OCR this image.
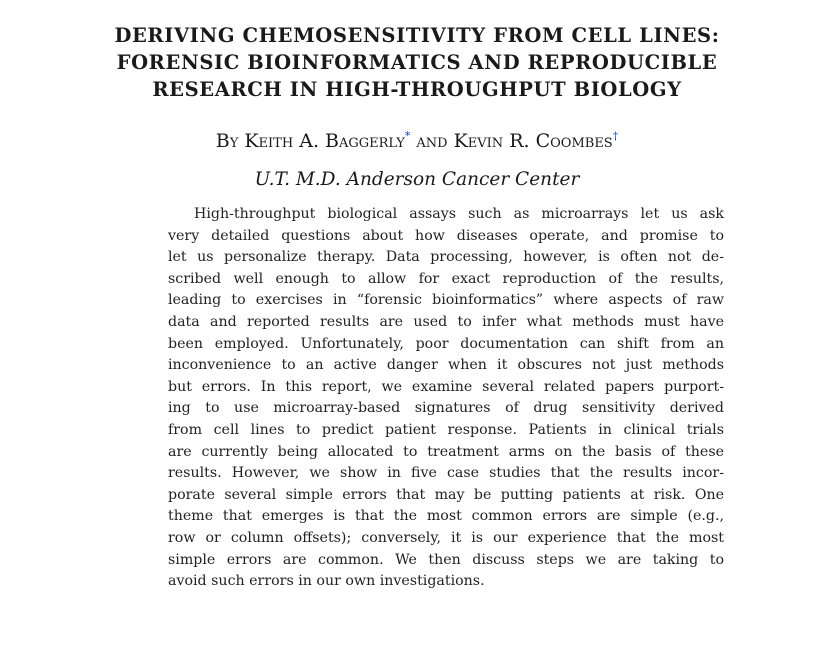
DERIVING CHEMOSENSITIVITY FROM CELL LINES:
FORENSIC BIOINFORMATICS AND REPRODUCIBLE
RESEARCH IN HIGH-THROUGHPUT BIOLOGY
By Keith A. Baggerly* and Kevin R. Coombes†
U.T. M.D. Anderson Cancer Center
High-throughput biological assays such as microarrays let us ask
very detailed questions about how diseases operate, and promise to
let us personalize therapy. Data processing, however, is often not de-
scribed well enough to allow for exact reproduction of the results,
leading to exercises in “forensic bioinformatics” where aspects of raw
data and reported results are used to infer what methods must have
been employed. Unfortunately, poor documentation can shift from an
inconvenience to an active danger when it obscures not just methods
but errors. In this report, we examine several related papers purport-
ing to use microarray-based signatures of drug sensitivity derived
from cell lines to predict patient response. Patients in clinical trials
are currently being allocated to treatment arms on the basis of these
results. However, we show in five case studies that the results incor-
porate several simple errors that may be putting patients at risk. One
theme that emerges is that the most common errors are simple (e.g.,
row or column offsets); conversely, it is our experience that the most
simple errors are common. We then discuss steps we are taking to
avoid such errors in our own investigations.
